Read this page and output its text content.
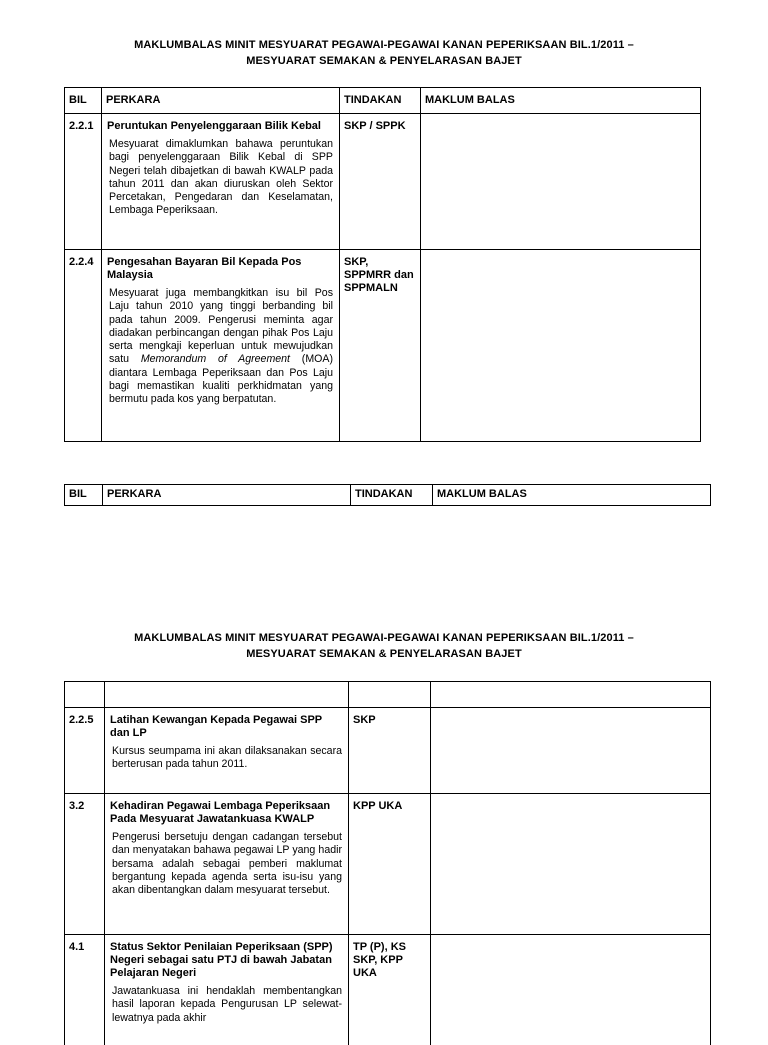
MAKLUMBALAS MINIT MESYUARAT PEGAWAI-PEGAWAI KANAN PEPERIKSAAN BIL.1/2011 –
MESYUARAT SEMAKAN & PENYELARASAN BAJET
BIL	PERKARA	TINDAKAN	MAKLUM BALAS
2.2.1	Peruntukan Penyelenggaraan Bilik Kebal
Mesyuarat dimaklumkan bahawa peruntukan bagi penyelenggaraan Bilik Kebal di SPP Negeri telah dibajetkan di bawah KWALP pada tahun 2011 dan akan diuruskan oleh Sektor Percetakan, Pengedaran dan Keselamatan, Lembaga Peperiksaan.	SKP / SPPK	
2.2.4	Pengesahan Bayaran Bil Kepada Pos Malaysia
Mesyuarat juga membangkitkan isu bil Pos Laju tahun 2010 yang tinggi berbanding bil pada tahun 2009. Pengerusi meminta agar diadakan perbincangan dengan pihak Pos Laju serta mengkaji keperluan untuk mewujudkan satu Memorandum of Agreement (MOA) diantara Lembaga Peperiksaan dan Pos Laju bagi memastikan kualiti perkhidmatan yang bermutu pada kos yang berpatutan.	SKP, SPPMRR dan SPPMALN	
BIL	PERKARA	TINDAKAN	MAKLUM BALAS
MAKLUMBALAS MINIT MESYUARAT PEGAWAI-PEGAWAI KANAN PEPERIKSAAN BIL.1/2011 –
MESYUARAT SEMAKAN & PENYELARASAN BAJET

2.2.5	Latihan Kewangan Kepada Pegawai SPP dan LP
Kursus seumpama ini akan dilaksanakan secara berterusan pada tahun 2011.	SKP	
3.2	Kehadiran Pegawai Lembaga Peperiksaan Pada Mesyuarat Jawatankuasa KWALP
Pengerusi bersetuju dengan cadangan tersebut dan menyatakan bahawa pegawai LP yang hadir bersama adalah sebagai pemberi maklumat bergantung kepada agenda serta isu-isu yang akan dibentangkan dalam mesyuarat tersebut.	KPP UKA	
4.1	Status Sektor Penilaian Peperiksaan (SPP) Negeri sebagai satu PTJ di bawah Jabatan Pelajaran Negeri
Jawatankuasa ini hendaklah membentangkan hasil laporan kepada Pengurusan LP selewat-lewatnya pada akhir	TP (P), KS SKP, KPP UKA	
